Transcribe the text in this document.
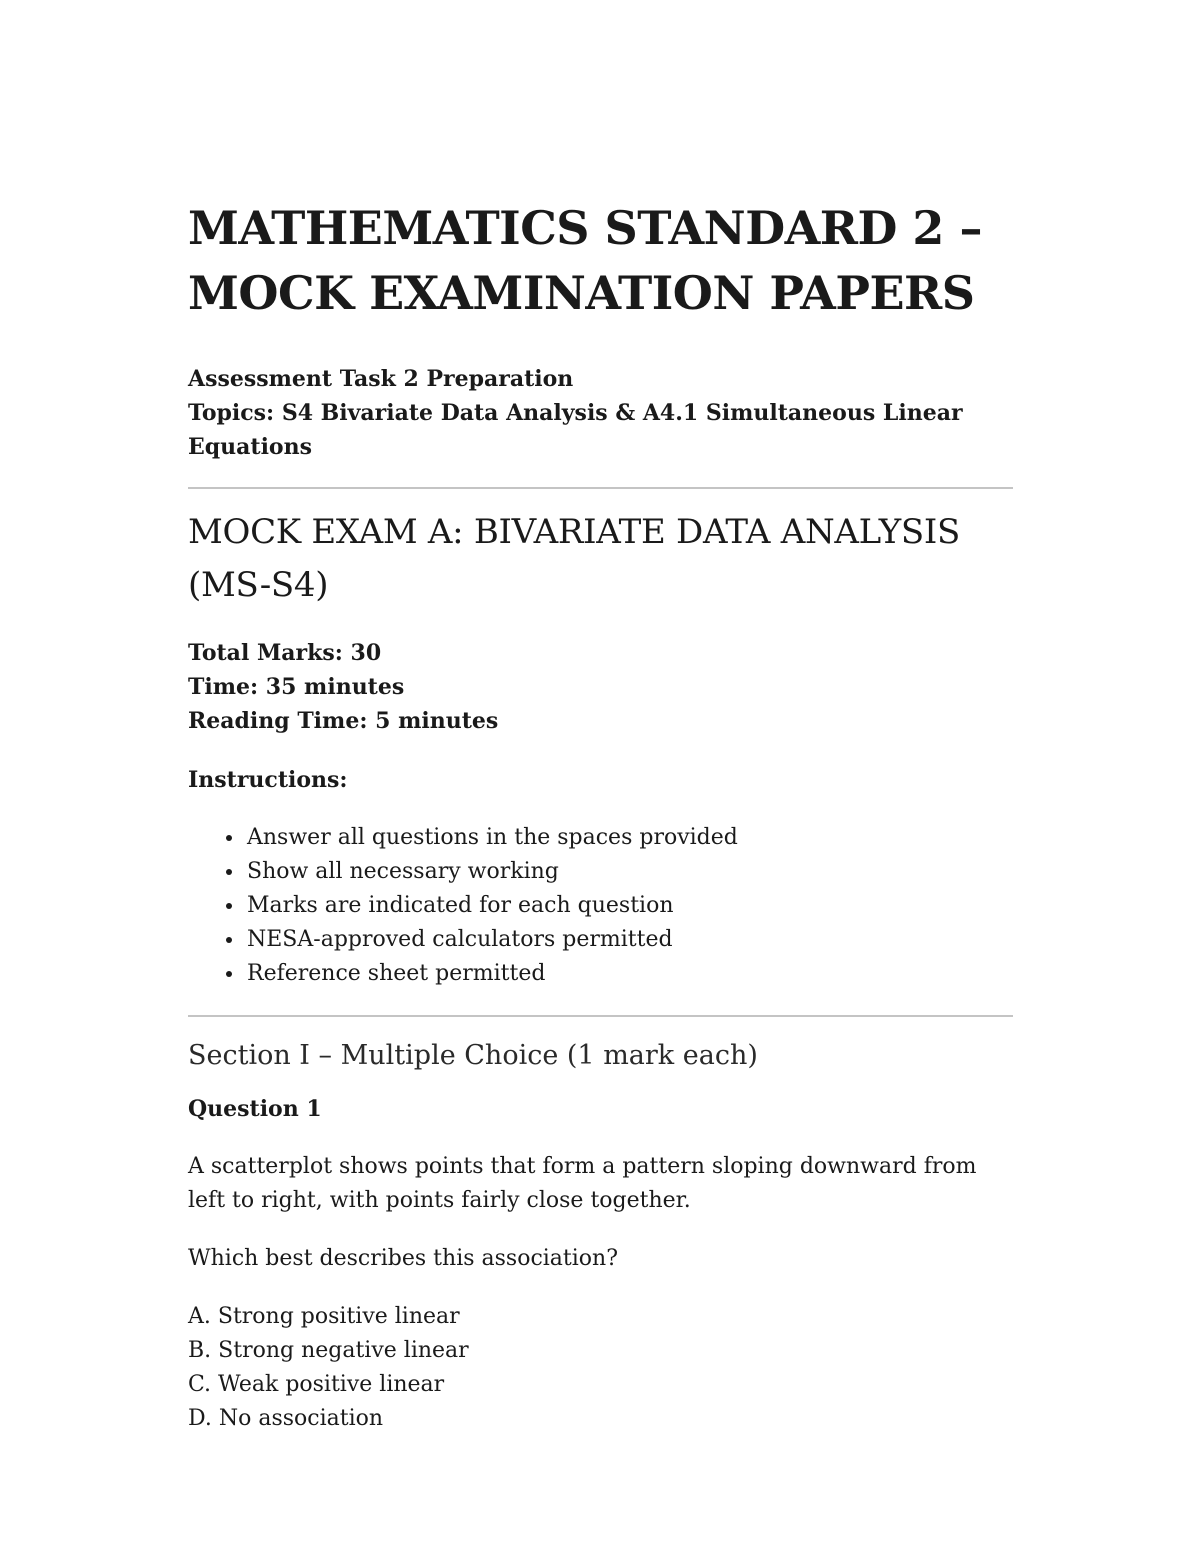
MATHEMATICS STANDARD 2 –
MOCK EXAMINATION PAPERS
Assessment Task 2 Preparation
Topics: S4 Bivariate Data Analysis & A4.1 Simultaneous Linear Equations
MOCK EXAM A: BIVARIATE DATA ANALYSIS (MS-S4)
Total Marks: 30
Time: 35 minutes
Reading Time: 5 minutes
Instructions:
• Answer all questions in the spaces provided
• Show all necessary working
• Marks are indicated for each question
• NESA-approved calculators permitted
• Reference sheet permitted
Section I – Multiple Choice (1 mark each)
Question 1
A scatterplot shows points that form a pattern sloping downward from left to right, with points fairly close together.
Which best describes this association?
A. Strong positive linear
B. Strong negative linear
C. Weak positive linear
D. No association
